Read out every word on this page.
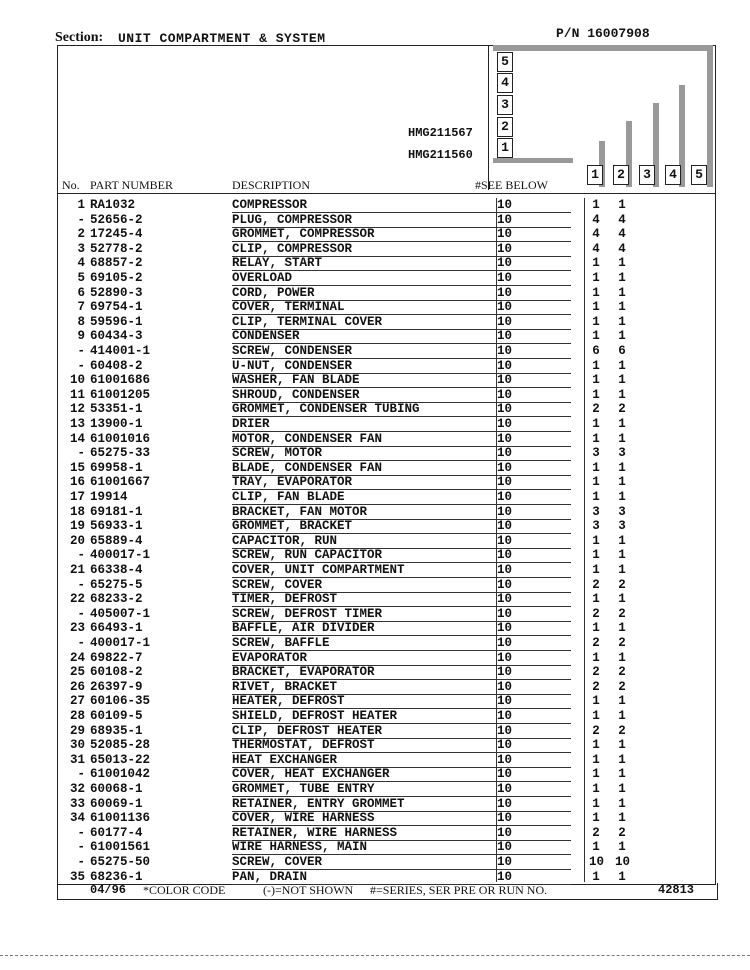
Section: UNIT COMPARTMENT & SYSTEM	P/N 16007908
5
4
3
2
1
1	2	3	4	5
HMG211567
HMG211560
No. PART NUMBER	DESCRIPTION	#SEE BELOW
1 RA1032	COMPRESSOR	10	1 1
- 52656-2	PLUG, COMPRESSOR	10	4 4
2 17245-4	GROMMET, COMPRESSOR	10	4 4
3 52778-2	CLIP, COMPRESSOR	10	4 4
4 68857-2	RELAY, START	10	1 1
5 69105-2	OVERLOAD	10	1 1
6 52890-3	CORD, POWER	10	1 1
7 69754-1	COVER, TERMINAL	10	1 1
8 59596-1	CLIP, TERMINAL COVER	10	1 1
9 60434-3	CONDENSER	10	1 1
- 414001-1	SCREW, CONDENSER	10	6 6
- 60408-2	U-NUT, CONDENSER	10	1 1
10 61001686	WASHER, FAN BLADE	10	1 1
11 61001205	SHROUD, CONDENSER	10	1 1
12 53351-1	GROMMET, CONDENSER TUBING	10	2 2
13 13900-1	DRIER	10	1 1
14 61001016	MOTOR, CONDENSER FAN	10	1 1
- 65275-33	SCREW, MOTOR	10	3 3
15 69958-1	BLADE, CONDENSER FAN	10	1 1
16 61001667	TRAY, EVAPORATOR	10	1 1
17 19914	CLIP, FAN BLADE	10	1 1
18 69181-1	BRACKET, FAN MOTOR	10	3 3
19 56933-1	GROMMET, BRACKET	10	3 3
20 65889-4	CAPACITOR, RUN	10	1 1
- 400017-1	SCREW, RUN CAPACITOR	10	1 1
21 66338-4	COVER, UNIT COMPARTMENT	10	1 1
- 65275-5	SCREW, COVER	10	2 2
22 68233-2	TIMER, DEFROST	10	1 1
- 405007-1	SCREW, DEFROST TIMER	10	2 2
23 66493-1	BAFFLE, AIR DIVIDER	10	1 1
- 400017-1	SCREW, BAFFLE	10	2 2
24 69822-7	EVAPORATOR	10	1 1
25 60108-2	BRACKET, EVAPORATOR	10	2 2
26 26397-9	RIVET, BRACKET	10	2 2
27 60106-35	HEATER, DEFROST	10	1 1
28 60109-5	SHIELD, DEFROST HEATER	10	1 1
29 68935-1	CLIP, DEFROST HEATER	10	2 2
30 52085-28	THERMOSTAT, DEFROST	10	1 1
31 65013-22	HEAT EXCHANGER	10	1 1
- 61001042	COVER, HEAT EXCHANGER	10	1 1
32 60068-1	GROMMET, TUBE ENTRY	10	1 1
33 60069-1	RETAINER, ENTRY GROMMET	10	1 1
34 61001136	COVER, WIRE HARNESS	10	1 1
- 60177-4	RETAINER, WIRE HARNESS	10	2 2
- 61001561	WIRE HARNESS, MAIN	10	1 1
- 65275-50	SCREW, COVER	10	10 10
35 68236-1	PAN, DRAIN	10	1 1
04/96 *COLOR CODE	(-)=NOT SHOWN #=SERIES, SER PRE OR RUN NO.	42813
